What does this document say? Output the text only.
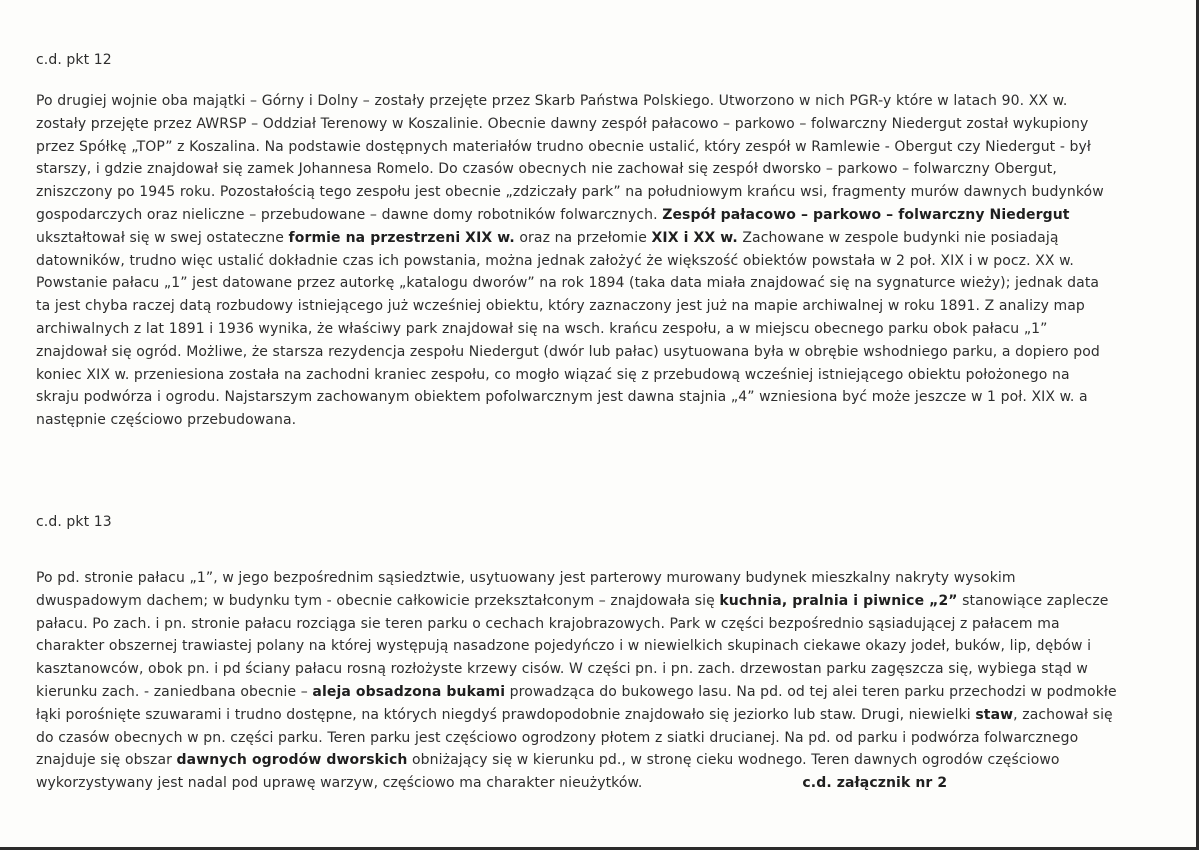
c.d. pkt 12
Po drugiej wojnie oba majątki – Górny i Dolny – zostały przejęte przez Skarb Państwa Polskiego. Utworzono w nich PGR-y które w latach 90. XX w.
zostały przejęte przez AWRSP – Oddział Terenowy w Koszalinie. Obecnie dawny zespół pałacowo – parkowo – folwarczny Niedergut został wykupiony
przez Spółkę „TOP” z Koszalina. Na podstawie dostępnych materiałów trudno obecnie ustalić, który zespół w Ramlewie - Obergut czy Niedergut - był
starszy, i gdzie znajdował się zamek Johannesa Romelo. Do czasów obecnych nie zachował się zespół dworsko – parkowo – folwarczny Obergut,
zniszczony po 1945 roku. Pozostałością tego zespołu jest obecnie „zdziczały park” na południowym krańcu wsi, fragmenty murów dawnych budynków
gospodarczych oraz nieliczne – przebudowane – dawne domy robotników folwarcznych. Zespół pałacowo – parkowo – folwarczny Niedergut
ukształtował się w swej ostateczne formie na przestrzeni XIX w. oraz na przełomie XIX i XX w. Zachowane w zespole budynki nie posiadają
datowników, trudno więc ustalić dokładnie czas ich powstania, można jednak założyć że większość obiektów powstała w 2 poł. XIX i w pocz. XX w.
Powstanie pałacu „1” jest datowane przez autorkę „katalogu dworów” na rok 1894 (taka data miała znajdować się na sygnaturce wieży); jednak data
ta jest chyba raczej datą rozbudowy istniejącego już wcześniej obiektu, który zaznaczony jest już na mapie archiwalnej w roku 1891. Z analizy map
archiwalnych z lat 1891 i 1936 wynika, że właściwy park znajdował się na wsch. krańcu zespołu, a w miejscu obecnego parku obok pałacu „1”
znajdował się ogród. Możliwe, że starsza rezydencja zespołu Niedergut (dwór lub pałac) usytuowana była w obrębie wshodniego parku, a dopiero pod
koniec XIX w. przeniesiona została na zachodni kraniec zespołu, co mogło wiązać się z przebudową wcześniej istniejącego obiektu położonego na
skraju podwórza i ogrodu. Najstarszym zachowanym obiektem pofolwarcznym jest dawna stajnia „4” wzniesiona być może jeszcze w 1 poł. XIX w. a
następnie częściowo przebudowana.
c.d. pkt 13
Po pd. stronie pałacu „1”, w jego bezpośrednim sąsiedztwie, usytuowany jest parterowy murowany budynek mieszkalny nakryty wysokim
dwuspadowym dachem; w budynku tym - obecnie całkowicie przekształconym – znajdowała się kuchnia, pralnia i piwnice „2” stanowiące zaplecze
pałacu. Po zach. i pn. stronie pałacu rozciąga sie teren parku o cechach krajobrazowych. Park w części bezpośrednio sąsiadującej z pałacem ma
charakter obszernej trawiastej polany na której występują nasadzone pojedyńczo i w niewielkich skupinach ciekawe okazy jodeł, buków, lip, dębów i
kasztanowców, obok pn. i pd ściany pałacu rosną rozłożyste krzewy cisów. W części pn. i pn. zach. drzewostan parku zagęszcza się, wybiega stąd w
kierunku zach. - zaniedbana obecnie – aleja obsadzona bukami prowadząca do bukowego lasu. Na pd. od tej alei teren parku przechodzi w podmokłe
łąki porośnięte szuwarami i trudno dostępne, na których niegdyś prawdopodobnie znajdowało się jeziorko lub staw. Drugi, niewielki staw, zachował się
do czasów obecnych w pn. części parku. Teren parku jest częściowo ogrodzony płotem z siatki drucianej. Na pd. od parku i podwórza folwarcznego
znajduje się obszar dawnych ogrodów dworskich obniżający się w kierunku pd., w stronę cieku wodnego. Teren dawnych ogrodów częściowo
wykorzystywany jest nadal pod uprawę warzyw, częściowo ma charakter nieużytków.	c.d. załącznik nr 2
